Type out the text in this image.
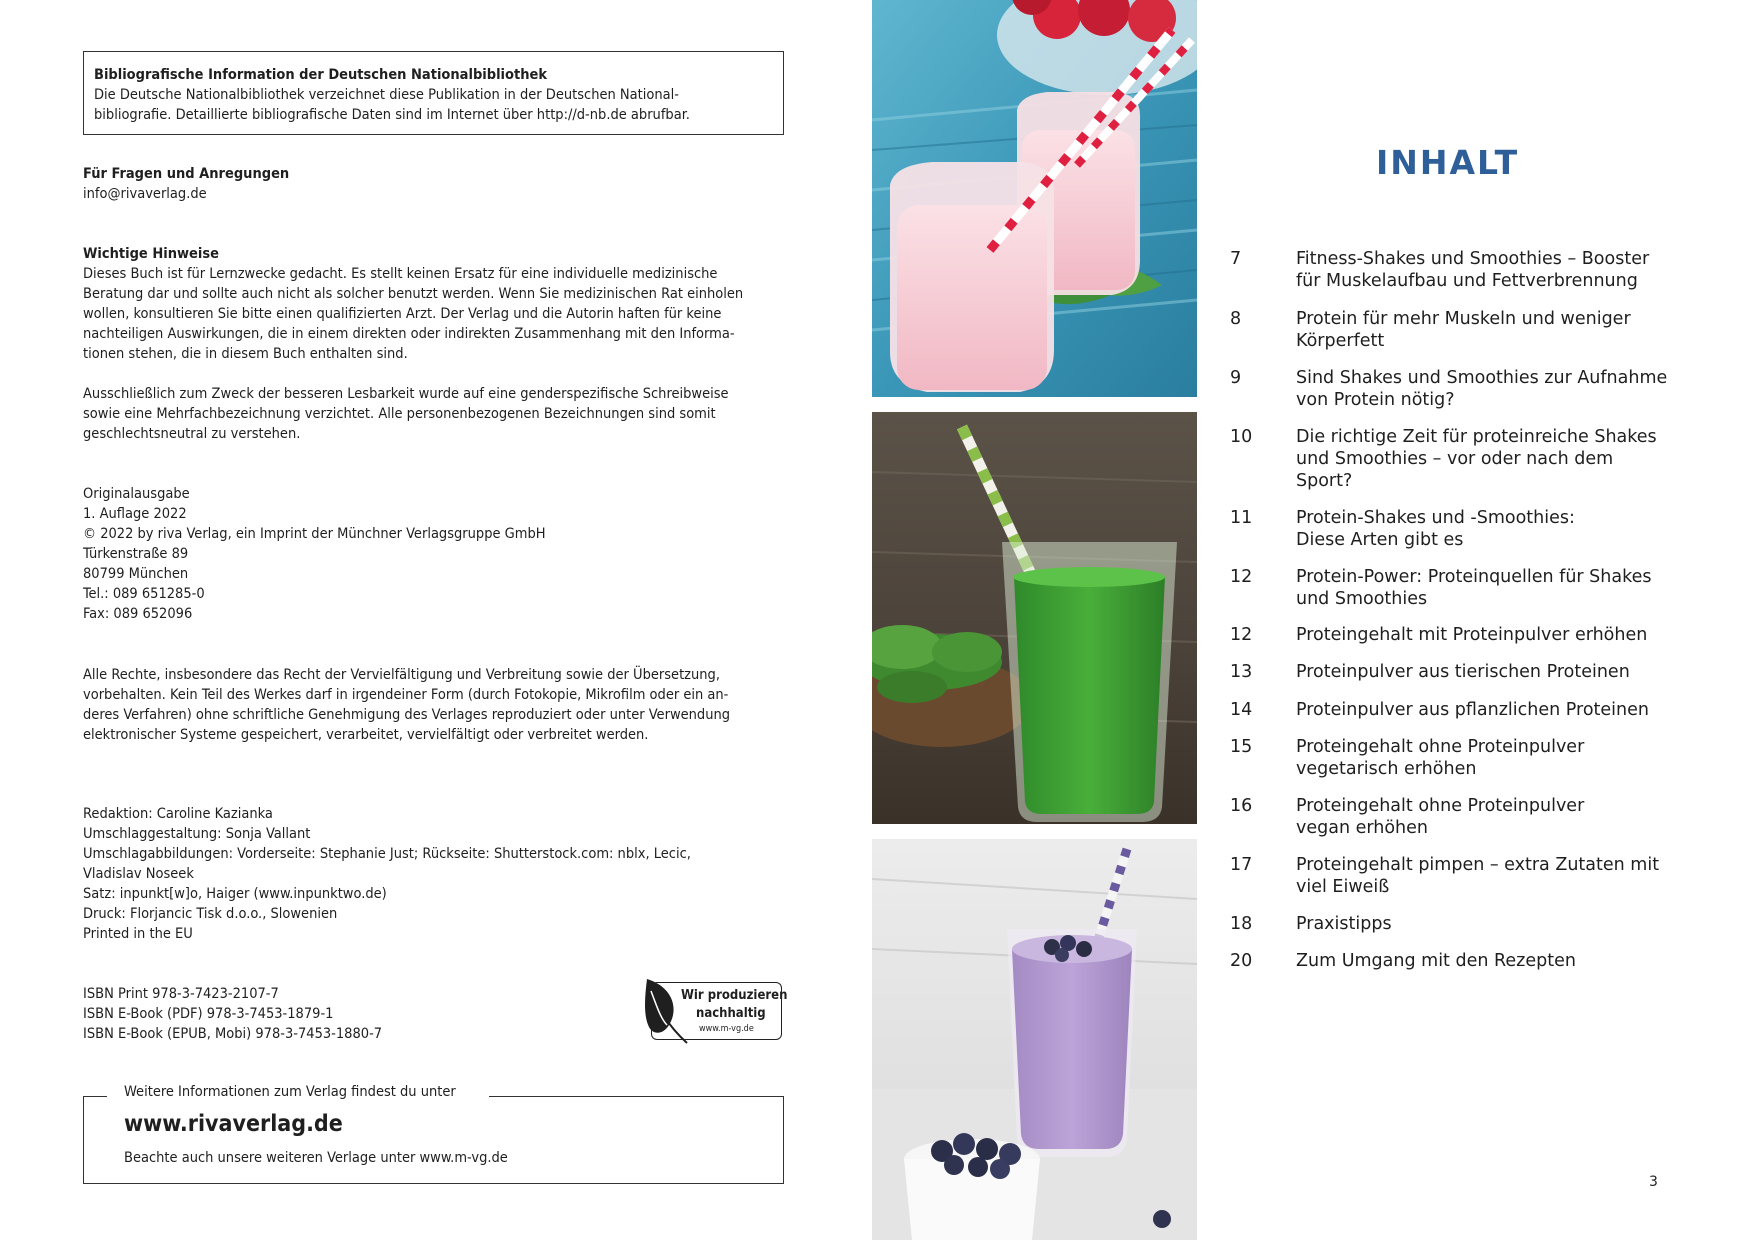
Bibliografische Information der Deutschen Nationalbibliothek
Die Deutsche Nationalbibliothek verzeichnet diese Publikation in der Deutschen National-
bibliografie. Detaillierte bibliografische Daten sind im Internet über http://d-nb.de abrufbar.
Für Fragen und Anregungen
info@rivaverlag.de
Wichtige Hinweise
Dieses Buch ist für Lernzwecke gedacht. Es stellt keinen Ersatz für eine individuelle medizinische
Beratung dar und sollte auch nicht als solcher benutzt werden. Wenn Sie medizinischen Rat einholen
wollen, konsultieren Sie bitte einen qualifizierten Arzt. Der Verlag und die Autorin haften für keine
nachteiligen Auswirkungen, die in einem direkten oder indirekten Zusammenhang mit den Informa-
tionen stehen, die in diesem Buch enthalten sind.
Ausschließlich zum Zweck der besseren Lesbarkeit wurde auf eine genderspezifische Schreibweise
sowie eine Mehrfachbezeichnung verzichtet. Alle personenbezogenen Bezeichnungen sind somit
geschlechtsneutral zu verstehen.
Originalausgabe
1. Auflage 2022
© 2022 by riva Verlag, ein Imprint der Münchner Verlagsgruppe GmbH
Türkenstraße 89
80799 München
Tel.: 089 651285-0
Fax: 089 652096
Alle Rechte, insbesondere das Recht der Vervielfältigung und Verbreitung sowie der Übersetzung,
vorbehalten. Kein Teil des Werkes darf in irgendeiner Form (durch Fotokopie, Mikrofilm oder ein an-
deres Verfahren) ohne schriftliche Genehmigung des Verlages reproduziert oder unter Verwendung
elektronischer Systeme gespeichert, verarbeitet, vervielfältigt oder verbreitet werden.
Redaktion: Caroline Kazianka
Umschlaggestaltung: Sonja Vallant
Umschlagabbildungen: Vorderseite: Stephanie Just; Rückseite: Shutterstock.com: nblx, Lecic,
Vladislav Noseek
Satz: inpunkt[w]o, Haiger (www.inpunktwo.de)
Druck: Florjancic Tisk d.o.o., Slowenien
Printed in the EU
ISBN Print 978-3-7423-2107-7
ISBN E-Book (PDF) 978-3-7453-1879-1
ISBN E-Book (EPUB, Mobi) 978-3-7453-1880-7
Wir produzieren
nachhaltig
www.m-vg.de
Weitere Informationen zum Verlag findest du unter
www.rivaverlag.de
Beachte auch unsere weiteren Verlage unter www.m-vg.de
INHALT
7	Fitness-Shakes und Smoothies – Booster
für Muskelaufbau und Fettverbrennung
8	Protein für mehr Muskeln und weniger
Körperfett
9	Sind Shakes und Smoothies zur Aufnahme
von Protein nötig?
10 Die richtige Zeit für proteinreiche Shakes
und Smoothies – vor oder nach dem
Sport?
11 Protein-Shakes und -Smoothies:
Diese Arten gibt es
12 Protein-Power: Proteinquellen für Shakes
und Smoothies
12 Proteingehalt mit Proteinpulver erhöhen
13 Proteinpulver aus tierischen Proteinen
14 Proteinpulver aus pflanzlichen Proteinen
15 Proteingehalt ohne Proteinpulver
vegetarisch erhöhen
16 Proteingehalt ohne Proteinpulver
vegan erhöhen
17 Proteingehalt pimpen – extra Zutaten mit
viel Eiweiß
18 Praxistipps
20 Zum Umgang mit den Rezepten
3
